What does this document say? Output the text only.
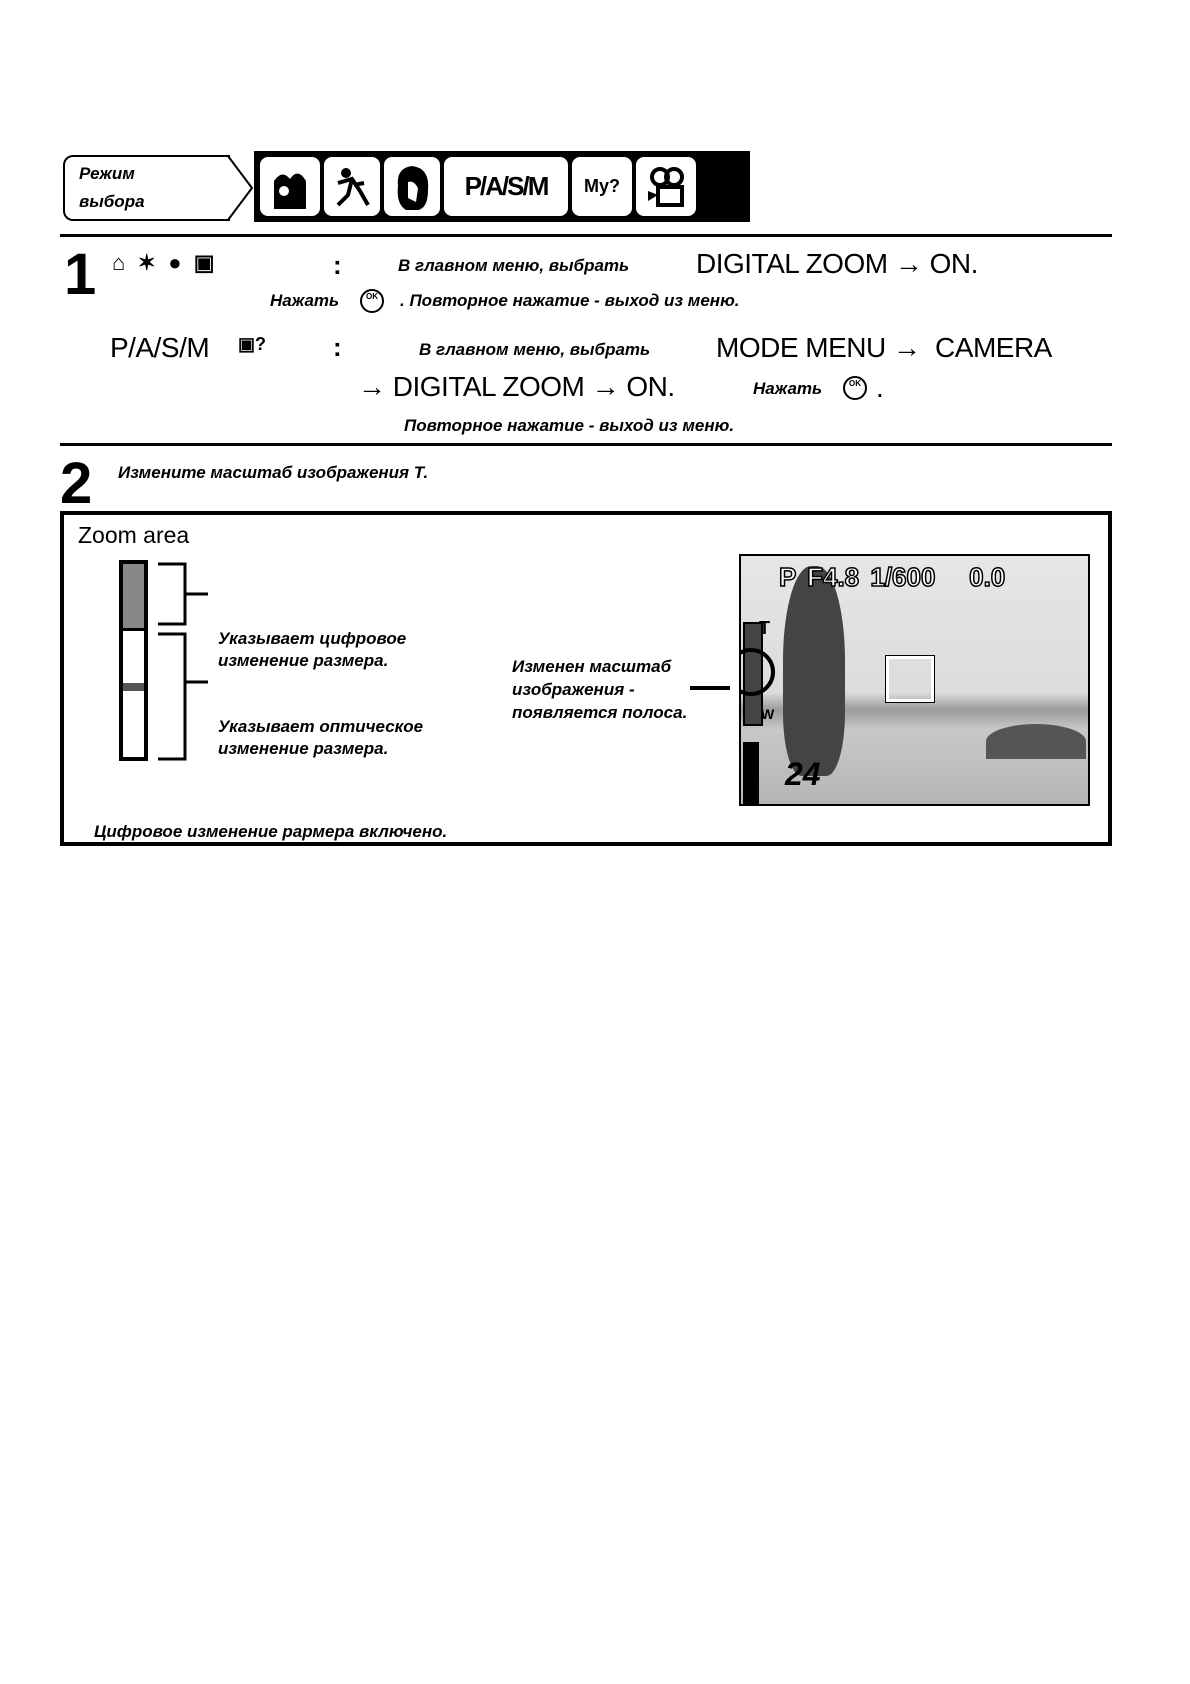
Режим
выбора
P/A/S/M	My?
1 ⌂ ✶ ● ▣	:	В главном меню, выбрать DIGITAL ZOOM → ON.
Нажать	OK	. Повторное нажатие - выход из меню.
P/A/S/M ▣?	:	В главном меню, выбрать MODE MENU →  CAMERA
→ DIGITAL ZOOM → ON.	Нажать	OK .
Повторное нажатие - выход из меню.
2 Измените масштаб изображения Т.
Zoom area
Указывает цифровое
изменение размера.
Указывает оптическое
изменение размера.
Изменен масштаб
изображения -
появляется полоса.
P F4.8 1/600 0.0
T
W
24
Цифровое изменение рармера включено.
